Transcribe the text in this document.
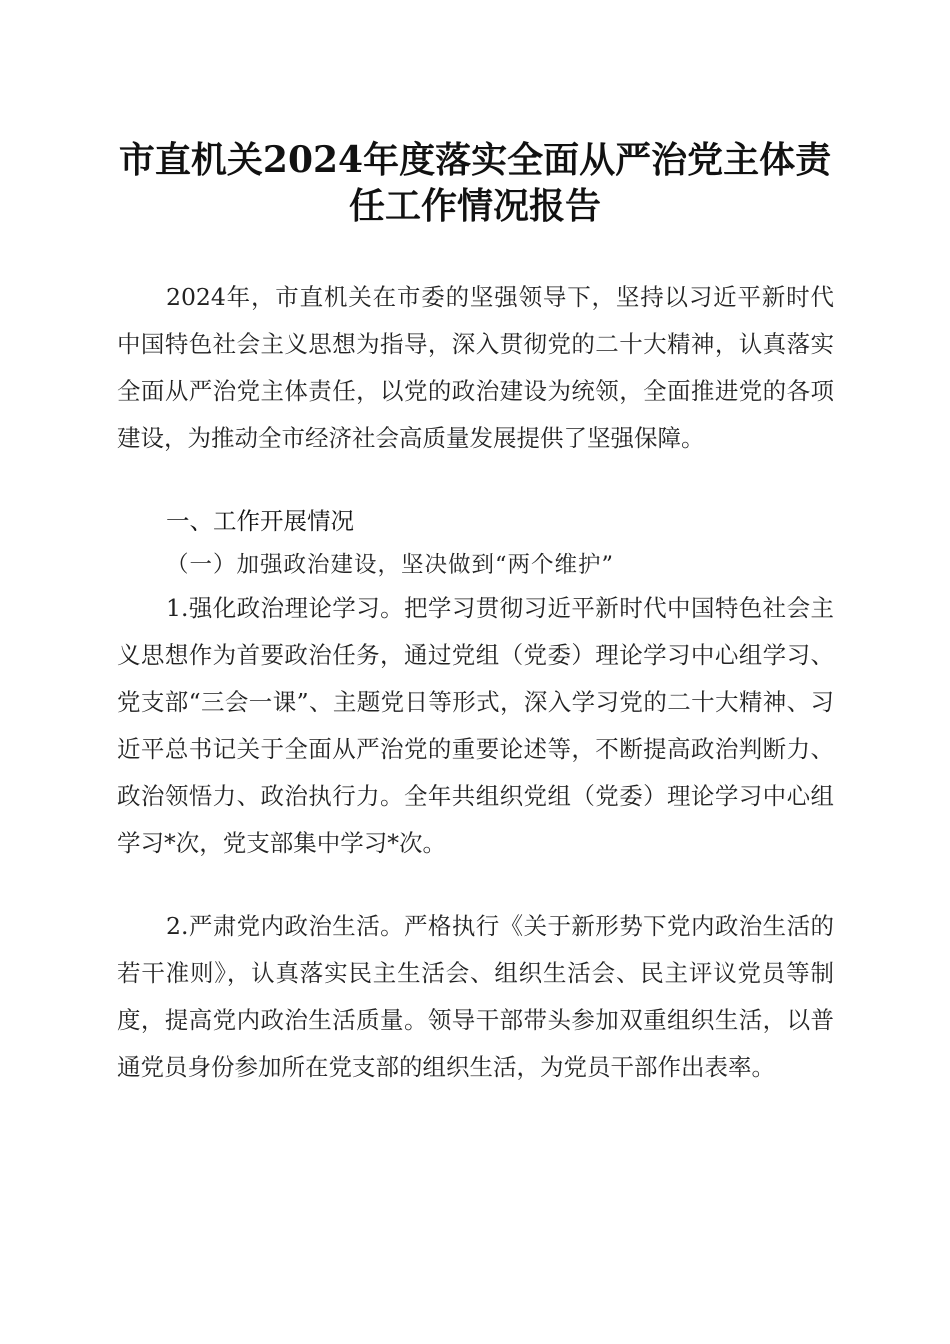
市直机关2024年度落实全面从严治党主体责
任工作情况报告

2024年，市直机关在市委的坚强领导下，坚持以习近平新时代中国特色社会主义思想为指导，深入贯彻党的二十大精神，认真落实全面从严治党主体责任，以党的政治建设为统领，全面推进党的各项建设，为推动全市经济社会高质量发展提供了坚强保障。

一、工作开展情况

（一）加强政治建设，坚决做到“两个维护”

1.强化政治理论学习。把学习贯彻习近平新时代中国特色社会主义思想作为首要政治任务，通过党组（党委）理论学习中心组学习、党支部“三会一课”、主题党日等形式，深入学习党的二十大精神、习近平总书记关于全面从严治党的重要论述等，不断提高政治判断力、政治领悟力、政治执行力。全年共组织党组（党委）理论学习中心组学习*次，党支部集中学习*次。

2.严肃党内政治生活。严格执行《关于新形势下党内政治生活的若干准则》，认真落实民主生活会、组织生活会、民主评议党员等制度，提高党内政治生活质量。领导干部带头参加双重组织生活，以普通党员身份参加所在党支部的组织生活，为党员干部作出表率。
